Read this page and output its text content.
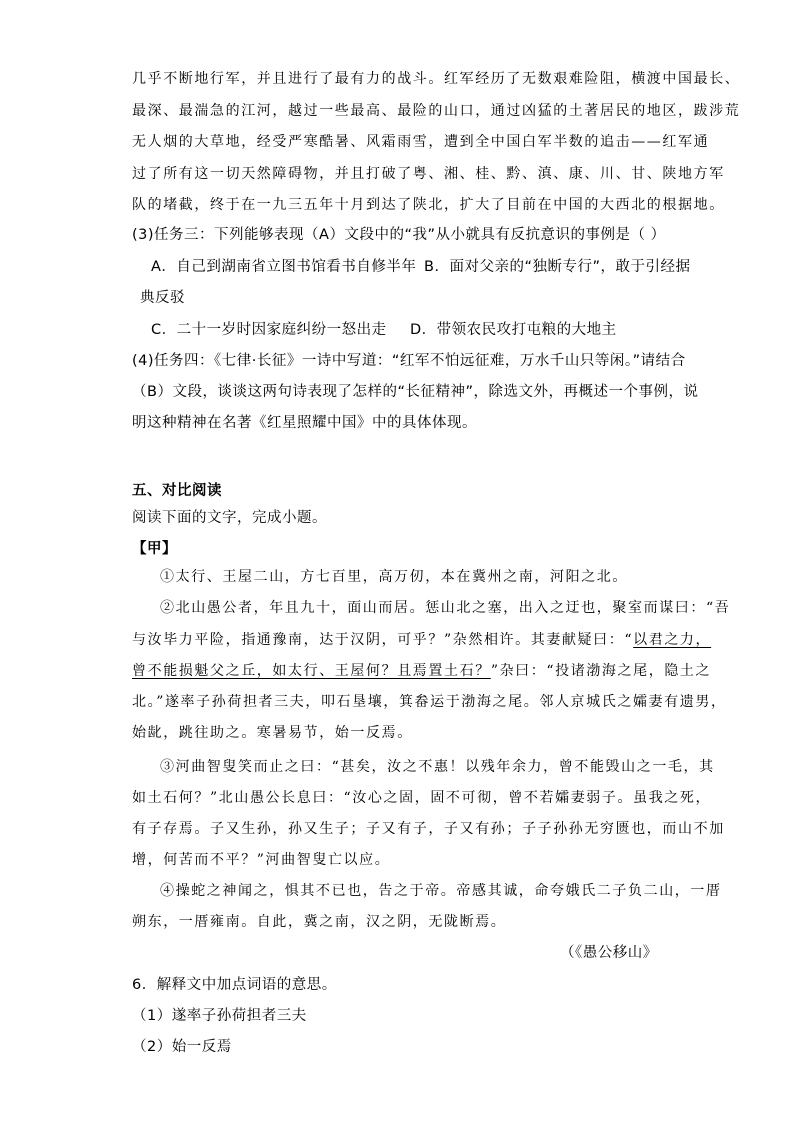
几乎不断地行军，并且进行了最有力的战斗。红军经历了无数艰难险阻，横渡中国最长、
最深、最湍急的江河，越过一些最高、最险的山口，通过凶猛的土著居民的地区，跋涉荒
无人烟的大草地，经受严寒酷暑、风霜雨雪，遭到全中国白军半数的追击——红军通
过了所有这一切天然障碍物，并且打破了粤、湘、桂、黔、滇、康、川、甘、陕地方军
队的堵截，终于在一九三五年十月到达了陕北，扩大了目前在中国的大西北的根据地。
(3)任务三：下列能够表现（A）文段中的“我”从小就具有反抗意识的事例是（ ）
A．自己到湖南省立图书馆看书自修半年 B．面对父亲的“独断专行”，敢于引经据
典反驳
C．二十一岁时因家庭纠纷一怒出走 D．带领农民攻打屯粮的大地主
(4)任务四：《七律·长征》一诗中写道：“红军不怕远征难，万水千山只等闲。”请结合
（B）文段，谈谈这两句诗表现了怎样的“长征精神”，除选文外，再概述一个事例，说
明这种精神在名著《红星照耀中国》中的具体体现。
五、对比阅读
阅读下面的文字，完成小题。
【甲】
①太行、王屋二山，方七百里，高万仞，本在冀州之南，河阳之北。
②北山愚公者，年且九十，面山而居。惩山北之塞，出入之迂也，聚室而谋曰：“吾
与汝毕力平险，指通豫南，达于汉阴，可乎？”杂然相许。其妻献疑曰：“以君之力，
曾不能损魁父之丘，如太行、王屋何？且焉置土石？”杂曰：“投诸渤海之尾，隐土之
北。”遂率子孙荷担者三夫，叩石垦壤，箕畚运于渤海之尾。邻人京城氏之孀妻有遗男，
始龀，跳往助之。寒暑易节，始一反焉。
③河曲智叟笑而止之曰：“甚矣，汝之不惠！以残年余力，曾不能毁山之一毛，其
如土石何？”北山愚公长息曰：“汝心之固，固不可彻，曾不若孀妻弱子。虽我之死，
有子存焉。子又生孙，孙又生子；子又有子，子又有孙；子子孙孙无穷匮也，而山不加
增，何苦而不平？”河曲智叟亡以应。
④操蛇之神闻之，惧其不已也，告之于帝。帝感其诚，命夸娥氏二子负二山，一厝
朔东，一厝雍南。自此，冀之南，汉之阴，无陇断焉。
（《愚公移山》
6．解释文中加点词语的意思。
（1）遂率子孙荷担者三夫
（2）始一反焉
